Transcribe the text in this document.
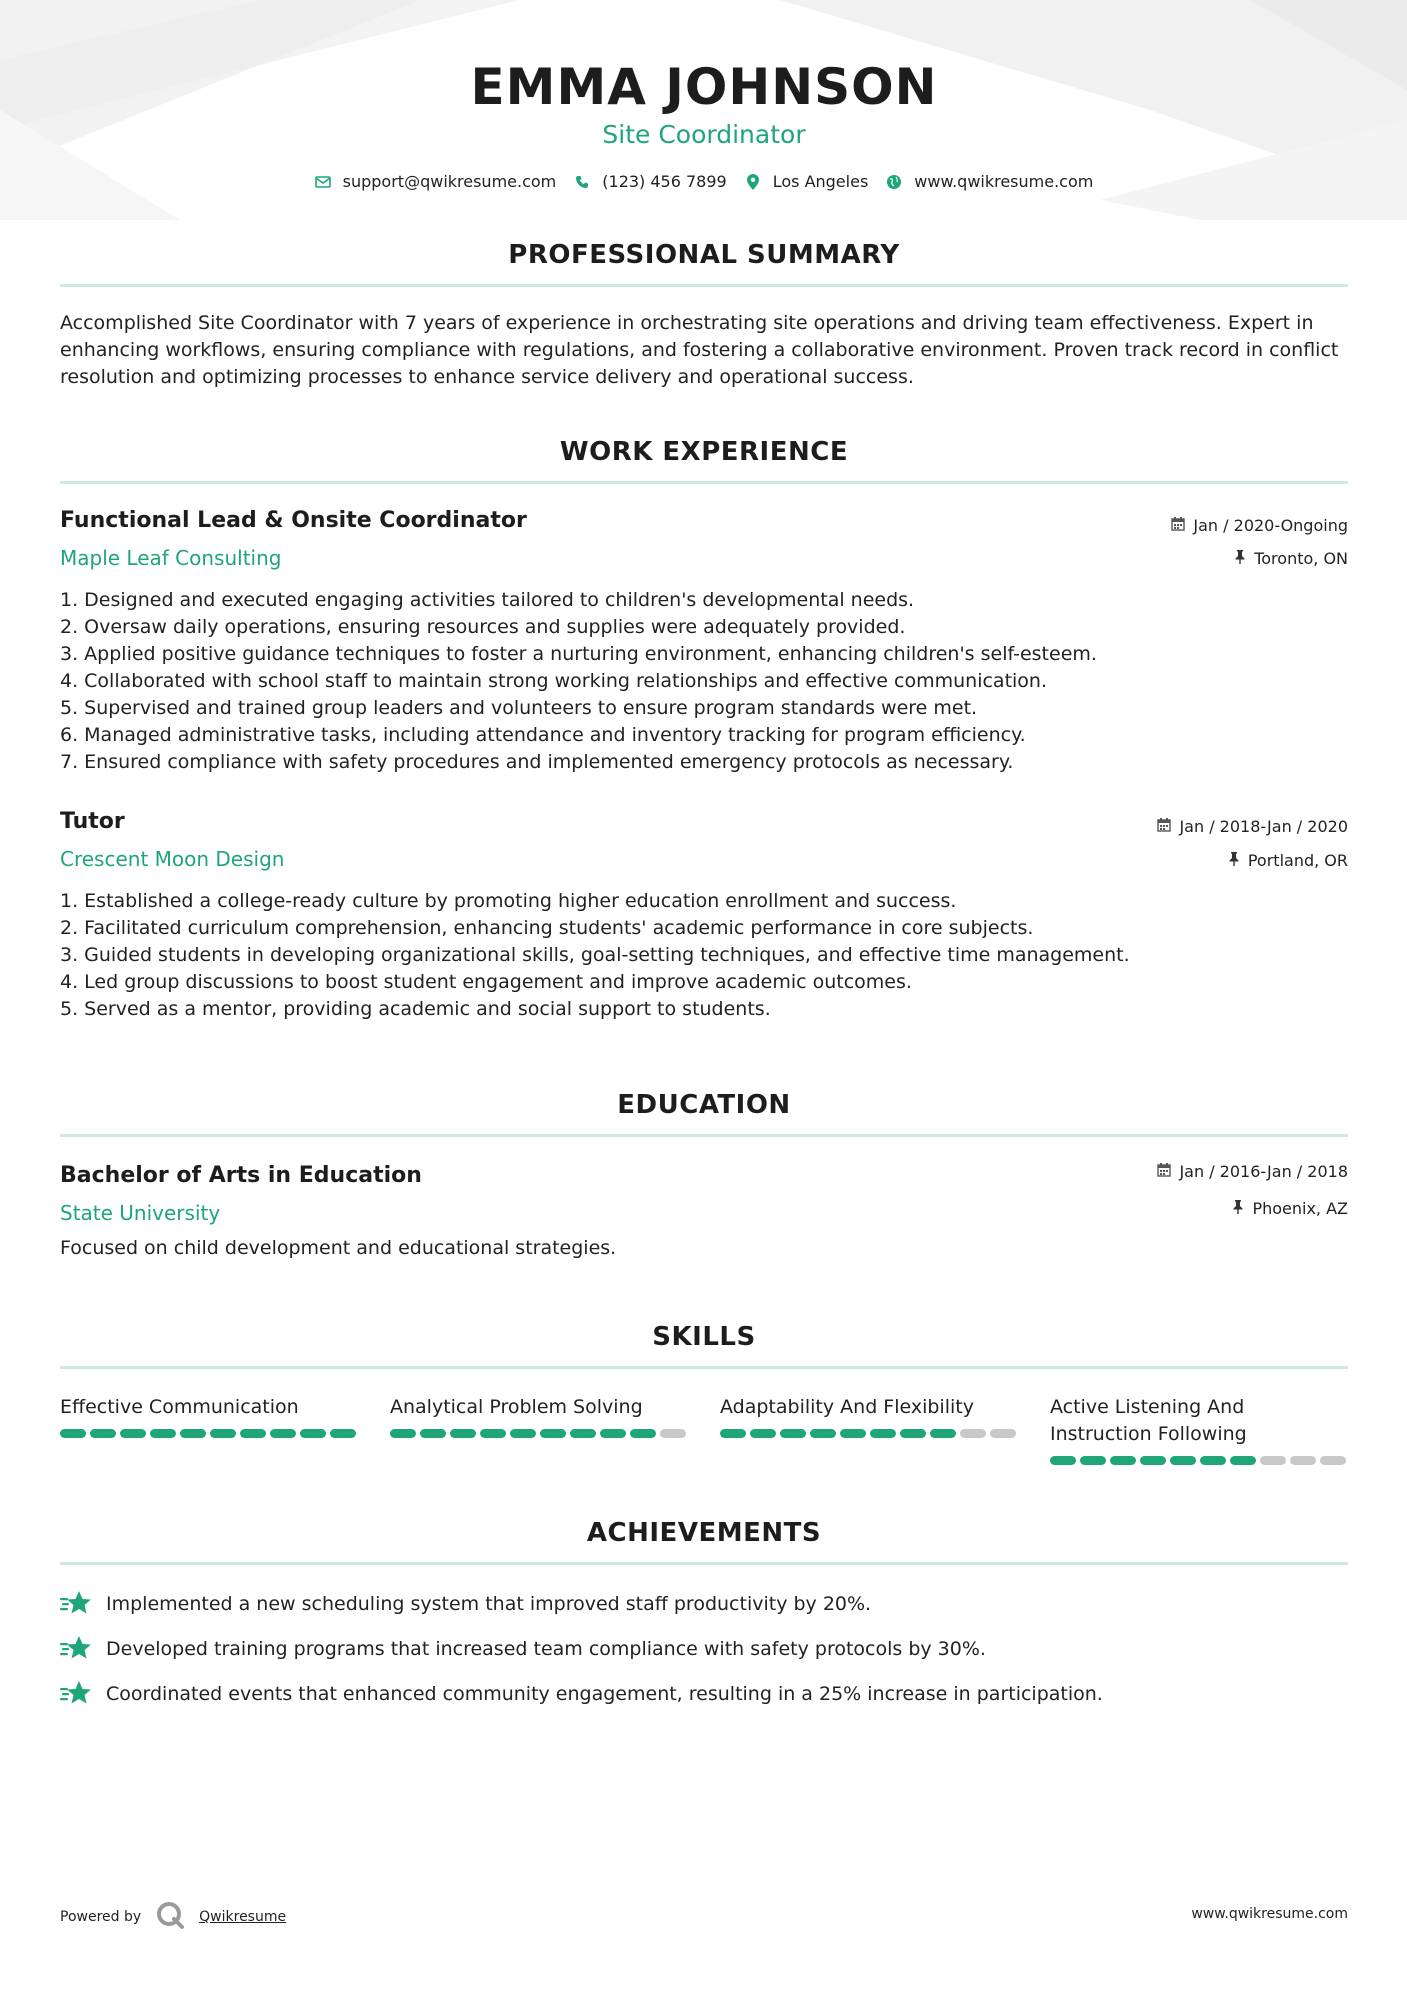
EMMA JOHNSON
Site Coordinator
support@qwikresume.com	(123) 456 7899	Los Angeles	www.qwikresume.com
PROFESSIONAL SUMMARY

Accomplished Site Coordinator with 7 years of experience in orchestrating site operations and driving team effectiveness. Expert in enhancing workflows, ensuring compliance with regulations, and fostering a collaborative environment. Proven track record in conflict resolution and optimizing processes to enhance service delivery and operational success.

WORK EXPERIENCE
Functional Lead & Onsite Coordinator	Jan / 2020-Ongoing
Maple Leaf Consulting	Toronto, ON
1. Designed and executed engaging activities tailored to children's developmental needs.
2. Oversaw daily operations, ensuring resources and supplies were adequately provided.
3. Applied positive guidance techniques to foster a nurturing environment, enhancing children's self-esteem.
4. Collaborated with school staff to maintain strong working relationships and effective communication.
5. Supervised and trained group leaders and volunteers to ensure program standards were met.
6. Managed administrative tasks, including attendance and inventory tracking for program efficiency.
7. Ensured compliance with safety procedures and implemented emergency protocols as necessary.
Tutor	Jan / 2018-Jan / 2020
Crescent Moon Design	Portland, OR
1. Established a college-ready culture by promoting higher education enrollment and success.
2. Facilitated curriculum comprehension, enhancing students' academic performance in core subjects.
3. Guided students in developing organizational skills, goal-setting techniques, and effective time management.
4. Led group discussions to boost student engagement and improve academic outcomes.
5. Served as a mentor, providing academic and social support to students.
EDUCATION
Bachelor of Arts in Education	Jan / 2016-Jan / 2018
State University	Phoenix, AZ
Focused on child development and educational strategies.
SKILLS
Effective Communication	Analytical Problem Solving	Adaptability And Flexibility	Active Listening And Instruction Following
ACHIEVEMENTS
Implemented a new scheduling system that improved staff productivity by 20%.
Developed training programs that increased team compliance with safety protocols by 30%.
Coordinated events that enhanced community engagement, resulting in a 25% increase in participation.
Powered by	Qwikresume	www.qwikresume.com
